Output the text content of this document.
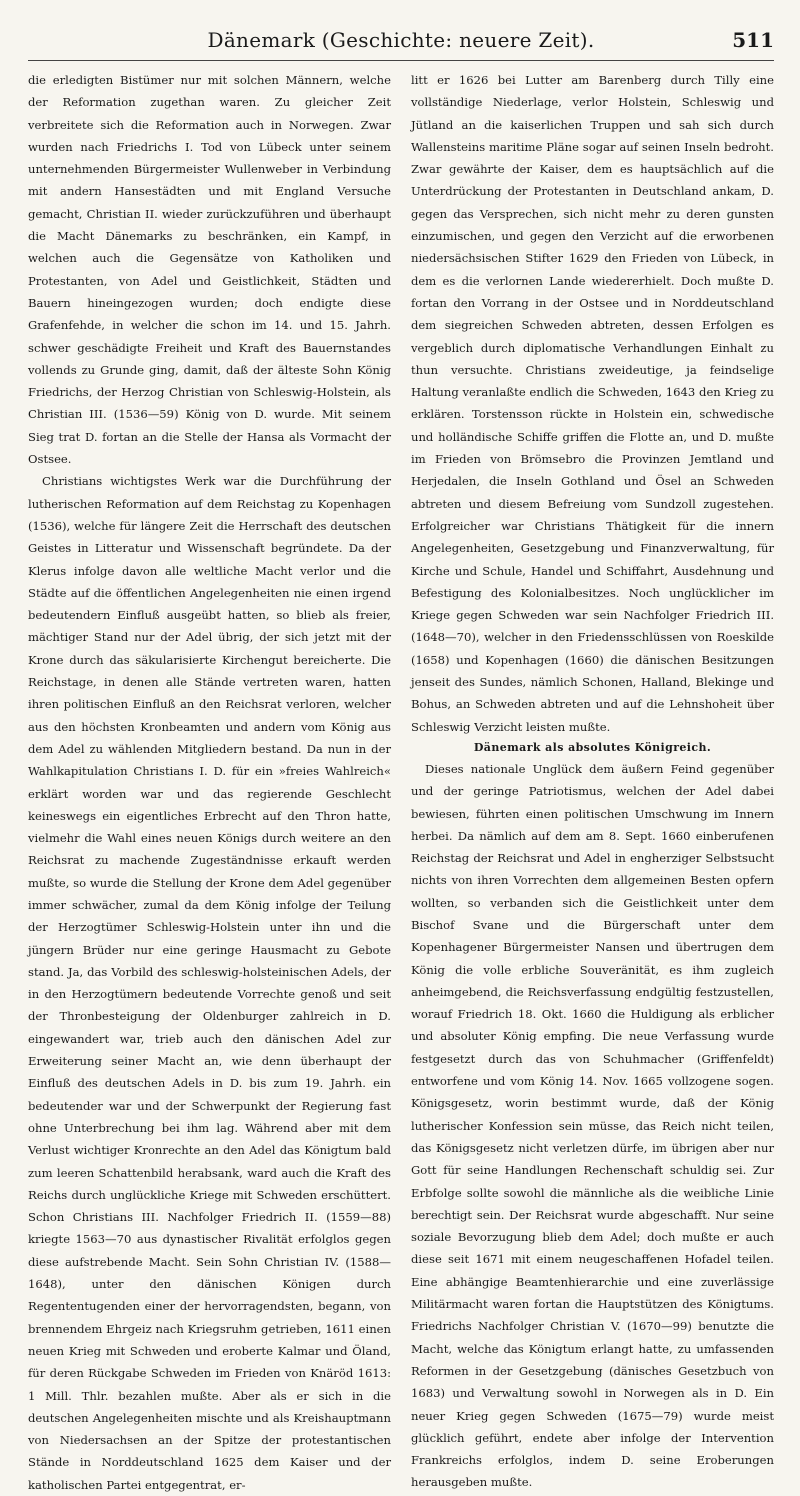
Dänemark (Geschichte: neuere Zeit).	511

die erledigten Bistümer nur mit solchen Männern, welche der Reformation zugethan waren. Zu gleicher Zeit verbreitete sich die Reformation auch in Norwegen. Zwar wurden nach Friedrichs I. Tod von Lübeck unter seinem unternehmenden Bürgermeister Wullenweber in Verbindung mit andern Hansestädten und mit England Versuche gemacht, Christian II. wieder zurückzuführen und überhaupt die Macht Dänemarks zu beschränken, ein Kampf, in welchen auch die Gegensätze von Katholiken und Protestanten, von Adel und Geistlichkeit, Städten und Bauern hineingezogen wurden; doch endigte diese Grafenfehde, in welcher die schon im 14. und 15. Jahrh. schwer geschädigte Freiheit und Kraft des Bauernstandes vollends zu Grunde ging, damit, daß der älteste Sohn König Friedrichs, der Herzog Christian von Schleswig-Holstein, als Christian III. (1536—59) König von D. wurde. Mit seinem Sieg trat D. fortan an die Stelle der Hansa als Vormacht der Ostsee.

Christians wichtigstes Werk war die Durchführung der lutherischen Reformation auf dem Reichstag zu Kopenhagen (1536), welche für längere Zeit die Herrschaft des deutschen Geistes in Litteratur und Wissenschaft begründete. Da der Klerus infolge davon alle weltliche Macht verlor und die Städte auf die öffentlichen Angelegenheiten nie einen irgend bedeutendern Einfluß ausgeübt hatten, so blieb als freier, mächtiger Stand nur der Adel übrig, der sich jetzt mit der Krone durch das säkularisierte Kirchengut bereicherte. Die Reichstage, in denen alle Stände vertreten waren, hatten ihren politischen Einfluß an den Reichsrat verloren, welcher aus den höchsten Kronbeamten und andern vom König aus dem Adel zu wählenden Mitgliedern bestand. Da nun in der Wahlkapitulation Christians I. D. für ein »freies Wahlreich« erklärt worden war und das regierende Geschlecht keineswegs ein eigentliches Erbrecht auf den Thron hatte, vielmehr die Wahl eines neuen Königs durch weitere an den Reichsrat zu machende Zugeständnisse erkauft werden mußte, so wurde die Stellung der Krone dem Adel gegenüber immer schwächer, zumal da dem König infolge der Teilung der Herzogtümer Schleswig-Holstein unter ihn und die jüngern Brüder nur eine geringe Hausmacht zu Gebote stand. Ja, das Vorbild des schleswig-holsteinischen Adels, der in den Herzogtümern bedeutende Vorrechte genoß und seit der Thronbesteigung der Oldenburger zahlreich in D. eingewandert war, trieb auch den dänischen Adel zur Erweiterung seiner Macht an, wie denn überhaupt der Einfluß des deutschen Adels in D. bis zum 19. Jahrh. ein bedeutender war und der Schwerpunkt der Regierung fast ohne Unterbrechung bei ihm lag. Während aber mit dem Verlust wichtiger Kronrechte an den Adel das Königtum bald zum leeren Schattenbild herabsank, ward auch die Kraft des Reichs durch unglückliche Kriege mit Schweden erschüttert. Schon Christians III. Nachfolger Friedrich II. (1559—88) kriegte 1563—70 aus dynastischer Rivalität erfolglos gegen diese aufstrebende Macht. Sein Sohn Christian IV. (1588—1648), unter den dänischen Königen durch Regententugenden einer der hervorragendsten, begann, von brennendem Ehrgeiz nach Kriegsruhm getrieben, 1611 einen neuen Krieg mit Schweden und eroberte Kalmar und Öland, für deren Rückgabe Schweden im Frieden von Knäröd 1613: 1 Mill. Thlr. bezahlen mußte. Aber als er sich in die deutschen Angelegenheiten mischte und als Kreishauptmann von Niedersachsen an der Spitze der protestantischen Stände in Norddeutschland 1625 dem Kaiser und der katholischen Partei entgegentrat, er-

litt er 1626 bei Lutter am Barenberg durch Tilly eine vollständige Niederlage, verlor Holstein, Schleswig und Jütland an die kaiserlichen Truppen und sah sich durch Wallensteins maritime Pläne sogar auf seinen Inseln bedroht. Zwar gewährte der Kaiser, dem es hauptsächlich auf die Unterdrückung der Protestanten in Deutschland ankam, D. gegen das Versprechen, sich nicht mehr zu deren gunsten einzumischen, und gegen den Verzicht auf die erworbenen niedersächsischen Stifter 1629 den Frieden von Lübeck, in dem es die verlornen Lande wiedererhielt. Doch mußte D. fortan den Vorrang in der Ostsee und in Norddeutschland dem siegreichen Schweden abtreten, dessen Erfolgen es vergeblich durch diplomatische Verhandlungen Einhalt zu thun versuchte. Christians zweideutige, ja feindselige Haltung veranlaßte endlich die Schweden, 1643 den Krieg zu erklären. Torstensson rückte in Holstein ein, schwedische und holländische Schiffe griffen die Flotte an, und D. mußte im Frieden von Brömsebro die Provinzen Jemtland und Herjedalen, die Inseln Gothland und Ösel an Schweden abtreten und diesem Befreiung vom Sundzoll zugestehen. Erfolgreicher war Christians Thätigkeit für die innern Angelegenheiten, Gesetzgebung und Finanzverwaltung, für Kirche und Schule, Handel und Schiffahrt, Ausdehnung und Befestigung des Kolonialbesitzes. Noch unglücklicher im Kriege gegen Schweden war sein Nachfolger Friedrich III. (1648—70), welcher in den Friedensschlüssen von Roeskilde (1658) und Kopenhagen (1660) die dänischen Besitzungen jenseit des Sundes, nämlich Schonen, Halland, Blekinge und Bohus, an Schweden abtreten und auf die Lehnshoheit über Schleswig Verzicht leisten mußte.

Dänemark als absolutes Königreich.

Dieses nationale Unglück dem äußern Feind gegenüber und der geringe Patriotismus, welchen der Adel dabei bewiesen, führten einen politischen Umschwung im Innern herbei. Da nämlich auf dem am 8. Sept. 1660 einberufenen Reichstag der Reichsrat und Adel in engherziger Selbstsucht nichts von ihren Vorrechten dem allgemeinen Besten opfern wollten, so verbanden sich die Geistlichkeit unter dem Bischof Svane und die Bürgerschaft unter dem Kopenhagener Bürgermeister Nansen und übertrugen dem König die volle erbliche Souveränität, es ihm zugleich anheimgebend, die Reichsverfassung endgültig festzustellen, worauf Friedrich 18. Okt. 1660 die Huldigung als erblicher und absoluter König empfing. Die neue Verfassung wurde festgesetzt durch das von Schuhmacher (Griffenfeldt) entworfene und vom König 14. Nov. 1665 vollzogene sogen. Königsgesetz, worin bestimmt wurde, daß der König lutherischer Konfession sein müsse, das Reich nicht teilen, das Königsgesetz nicht verletzen dürfe, im übrigen aber nur Gott für seine Handlungen Rechenschaft schuldig sei. Zur Erbfolge sollte sowohl die männliche als die weibliche Linie berechtigt sein. Der Reichsrat wurde abgeschafft. Nur seine soziale Bevorzugung blieb dem Adel; doch mußte er auch diese seit 1671 mit einem neugeschaffenen Hofadel teilen. Eine abhängige Beamtenhierarchie und eine zuverlässige Militärmacht waren fortan die Hauptstützen des Königtums. Friedrichs Nachfolger Christian V. (1670—99) benutzte die Macht, welche das Königtum erlangt hatte, zu umfassenden Reformen in der Gesetzgebung (dänisches Gesetzbuch von 1683) und Verwaltung sowohl in Norwegen als in D. Ein neuer Krieg gegen Schweden (1675—79) wurde meist glücklich geführt, endete aber infolge der Intervention Frankreichs erfolglos, indem D. seine Eroberungen herausgeben mußte.
